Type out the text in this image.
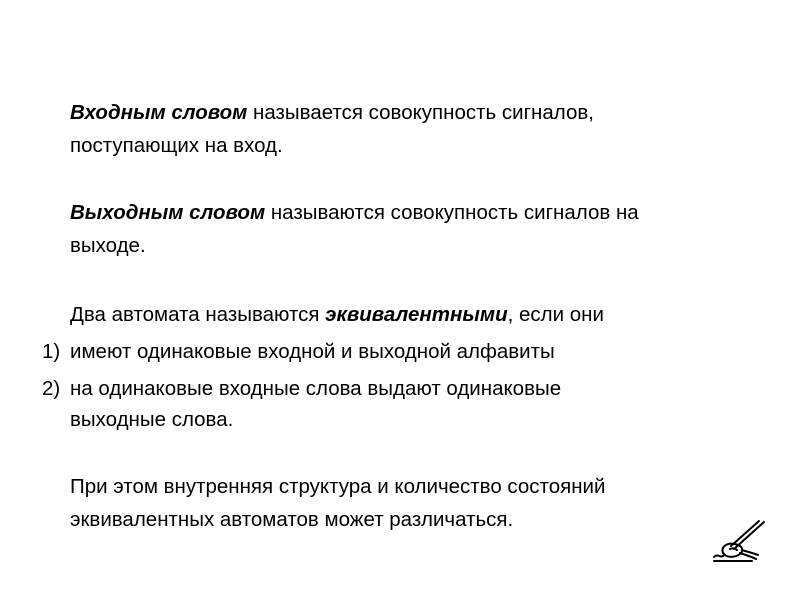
Входным словом называется совокупность сигналов,
поступающих на вход.
Выходным словом называются совокупность сигналов на
выходе.
Два автомата называются эквивалентными, если они
1) имеют одинаковые входной и выходной алфавиты
2) на одинаковые входные слова выдают одинаковые
выходные слова.
При этом внутренняя структура и количество состояний
эквивалентных автоматов может различаться.
